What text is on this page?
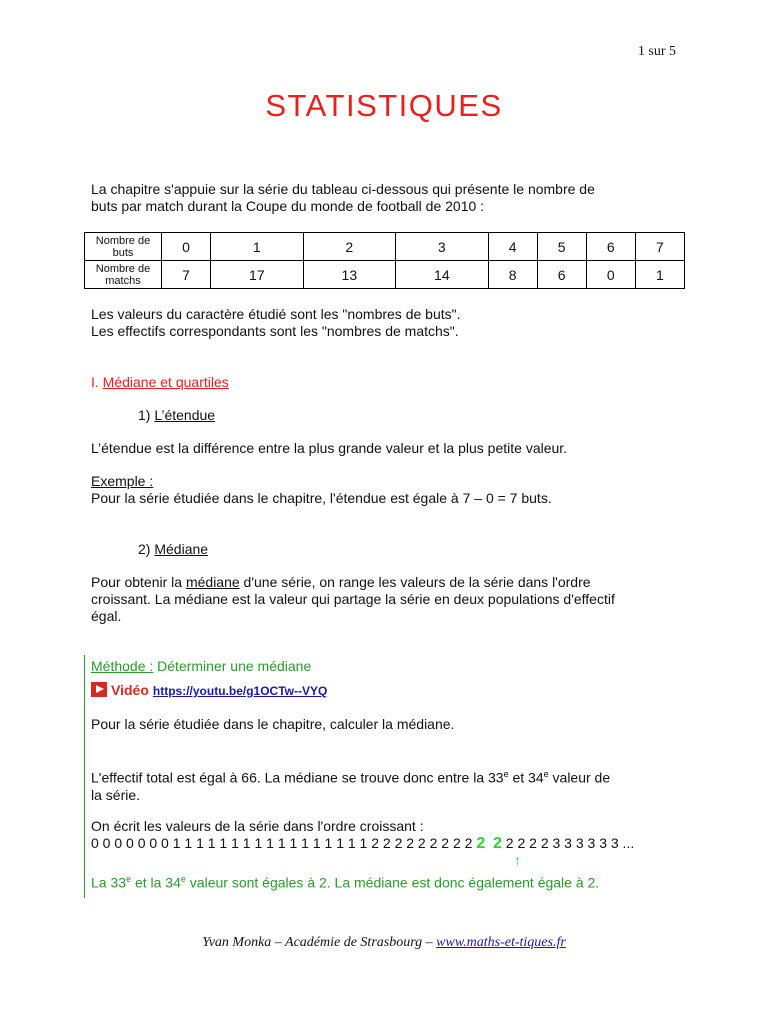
1 sur 5
STATISTIQUES
La chapitre s'appuie sur la série du tableau ci-dessous qui présente le nombre de
buts par match durant la Coupe du monde de football de 2010 :
Nombre de
buts	0	1	2	3	4	5	6	7

Nombre de
matchs	7	17	13	14	8	6	0	1
Les valeurs du caractère étudié sont les "nombres de buts".
Les effectifs correspondants sont les "nombres de matchs".
I. Médiane et quartiles
1) L’étendue
L’étendue est la différence entre la plus grande valeur et la plus petite valeur.
Exemple :
Pour la série étudiée dans le chapitre, l'étendue est égale à 7 – 0 = 7 buts.
2) Médiane
Pour obtenir la médiane d'une série, on range les valeurs de la série dans l'ordre
croissant. La médiane est la valeur qui partage la série en deux populations d'effectif
égal.
Méthode : Déterminer une médiane
Vidéo https://youtu.be/g1OCTw--VYQ
Pour la série étudiée dans le chapitre, calculer la médiane.
L'effectif total est égal à 66. La médiane se trouve donc entre la 33e et 34e valeur de
la série.
On écrit les valeurs de la série dans l'ordre croissant :
0 0 0 0 0 0 0 1 1 1 1 1 1 1 1 1 1 1 1 1 1 1 1 1 2 2 2 2 2 2 2 2 2 2 2 2 2 2 2 3 3 3 3 3 3 ...
↑
La 33e et la 34e valeur sont égales à 2. La médiane est donc également égale à 2.
Yvan Monka – Académie de Strasbourg – www.maths-et-tiques.fr
